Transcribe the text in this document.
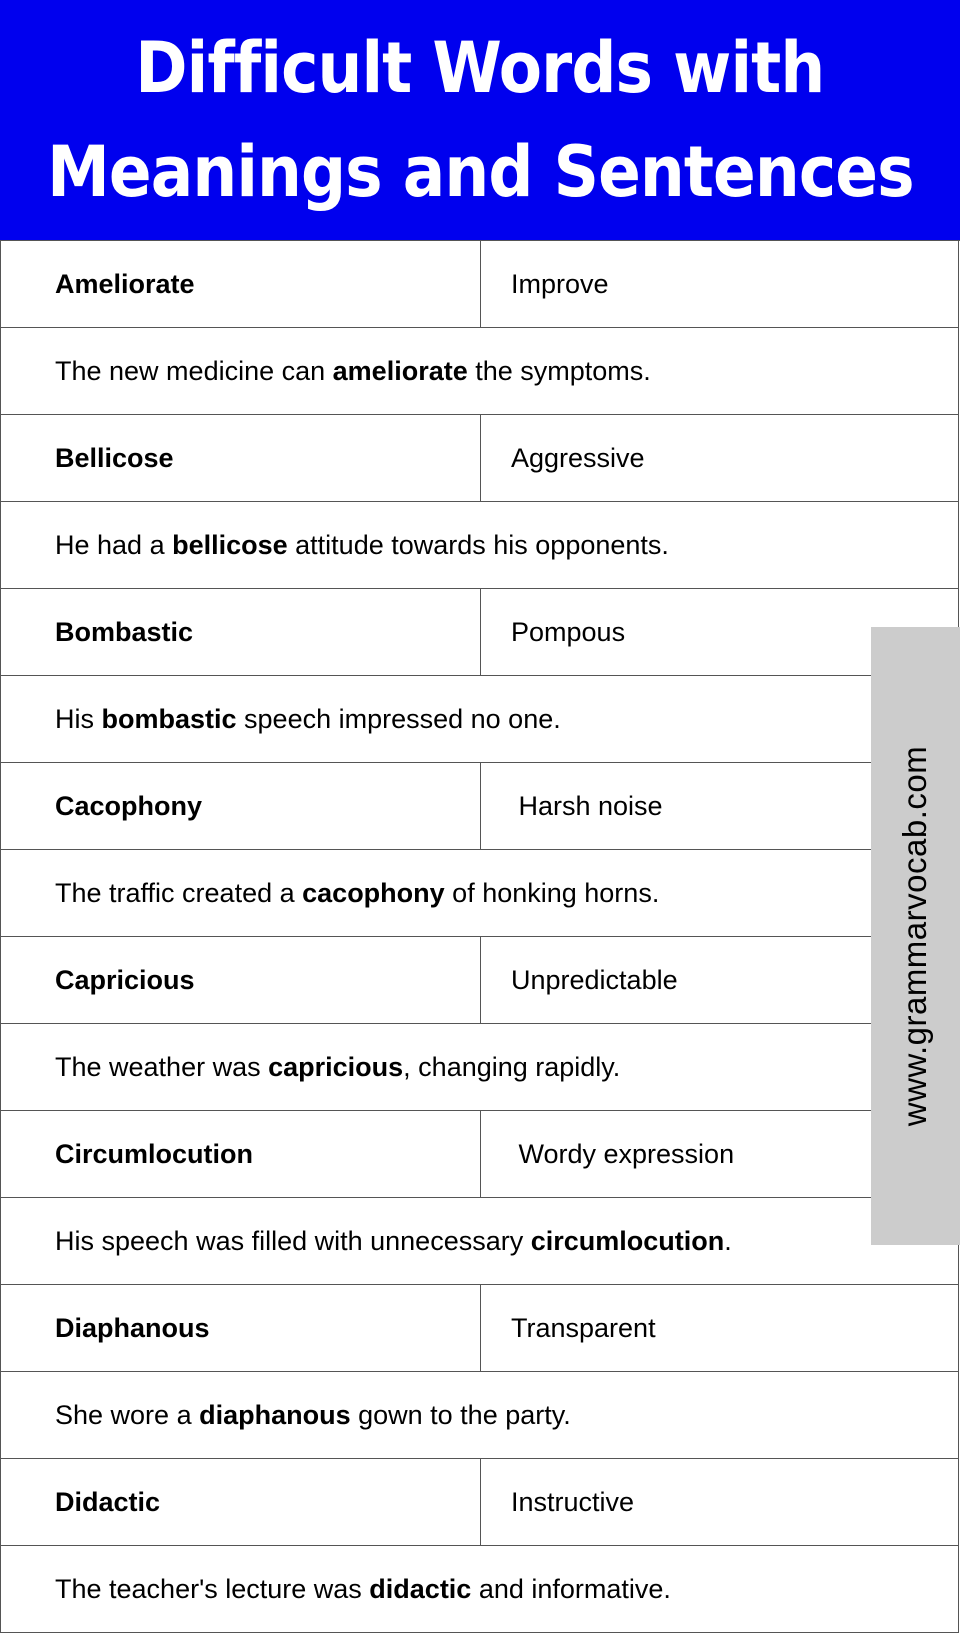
Difficult Words with
Meanings and Sentences
Ameliorate	Improve
The new medicine can ameliorate the symptoms.
Bellicose	Aggressive
He had a bellicose attitude towards his opponents.
Bombastic	Pompous
His bombastic speech impressed no one.
Cacophony	Harsh noise
The traffic created a cacophony of honking horns.
Capricious	Unpredictable
The weather was capricious, changing rapidly.
Circumlocution	Wordy expression
His speech was filled with unnecessary circumlocution.
Diaphanous	Transparent
She wore a diaphanous gown to the party.
Didactic	Instructive
The teacher's lecture was didactic and informative.
www.grammarvocab.com
